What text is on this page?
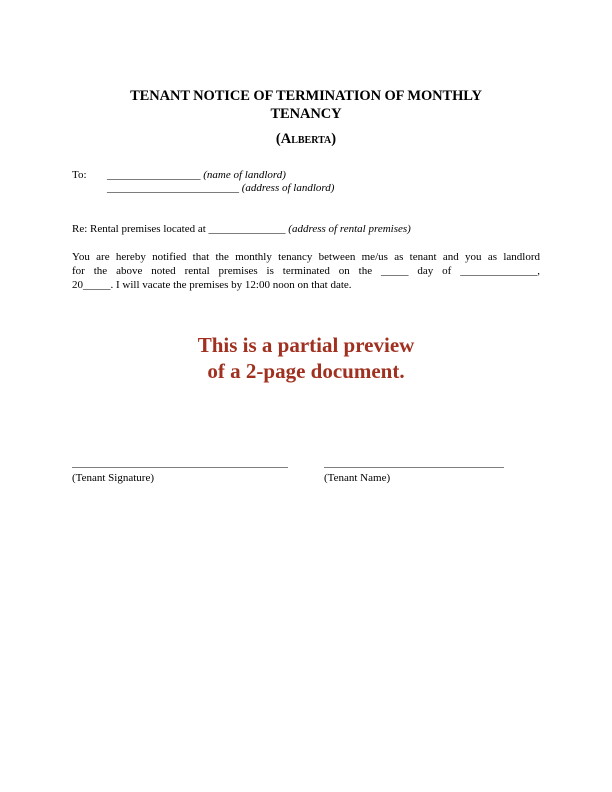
TENANT NOTICE OF TERMINATION OF MONTHLY
TENANCY
(Alberta)
To: _________________ (name of landlord)
________________________ (address of landlord)
Re: Rental premises located at ______________ (address of rental premises)
You are hereby notified that the monthly tenancy between me/us as tenant and you as landlord
for the above noted rental premises is terminated on the _____ day of ______________,
20_____. I will vacate the premises by 12:00 noon on that date.
This is a partial preview
of a 2-page document.
(Tenant Signature)	(Tenant Name)
